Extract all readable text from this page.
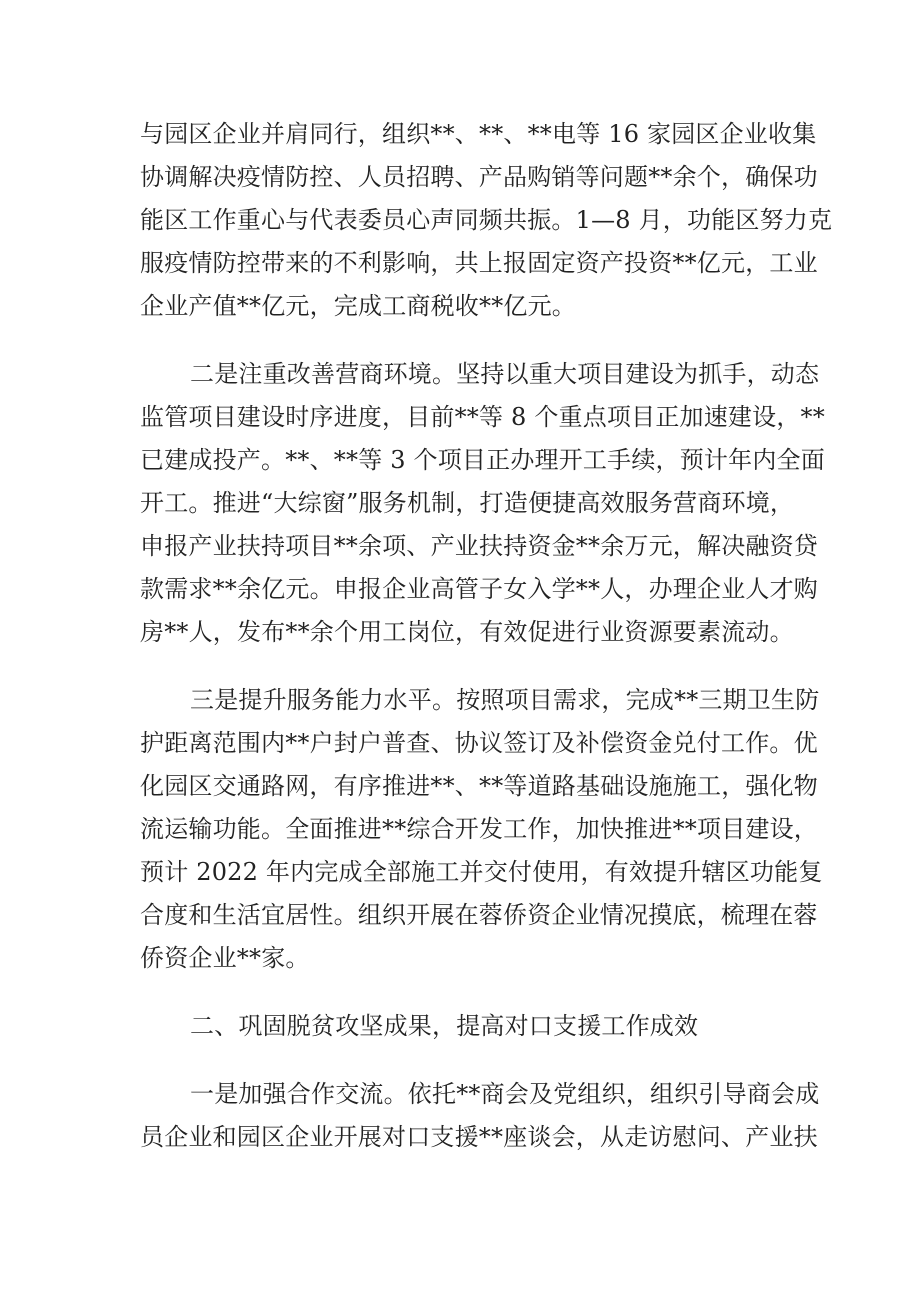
与园区企业并肩同行，组织**、**、**电等 16 家园区企业收集
协调解决疫情防控、人员招聘、产品购销等问题**余个，确保功
能区工作重心与代表委员心声同频共振。1—8 月，功能区努力克
服疫情防控带来的不利影响，共上报固定资产投资**亿元，工业
企业产值**亿元，完成工商税收**亿元。
二是注重改善营商环境。坚持以重大项目建设为抓手，动态
监管项目建设时序进度，目前**等 8 个重点项目正加速建设，**
已建成投产。**、**等 3 个项目正办理开工手续，预计年内全面
开工。推进“大综窗”服务机制，打造便捷高效服务营商环境，
申报产业扶持项目**余项、产业扶持资金**余万元，解决融资贷
款需求**余亿元。申报企业高管子女入学**人，办理企业人才购
房**人，发布**余个用工岗位，有效促进行业资源要素流动。
三是提升服务能力水平。按照项目需求，完成**三期卫生防
护距离范围内**户封户普查、协议签订及补偿资金兑付工作。优
化园区交通路网，有序推进**、**等道路基础设施施工，强化物
流运输功能。全面推进**综合开发工作，加快推进**项目建设，
预计 2022 年内完成全部施工并交付使用，有效提升辖区功能复
合度和生活宜居性。组织开展在蓉侨资企业情况摸底，梳理在蓉
侨资企业**家。
二、巩固脱贫攻坚成果，提高对口支援工作成效
一是加强合作交流。依托**商会及党组织，组织引导商会成
员企业和园区企业开展对口支援**座谈会，从走访慰问、产业扶
